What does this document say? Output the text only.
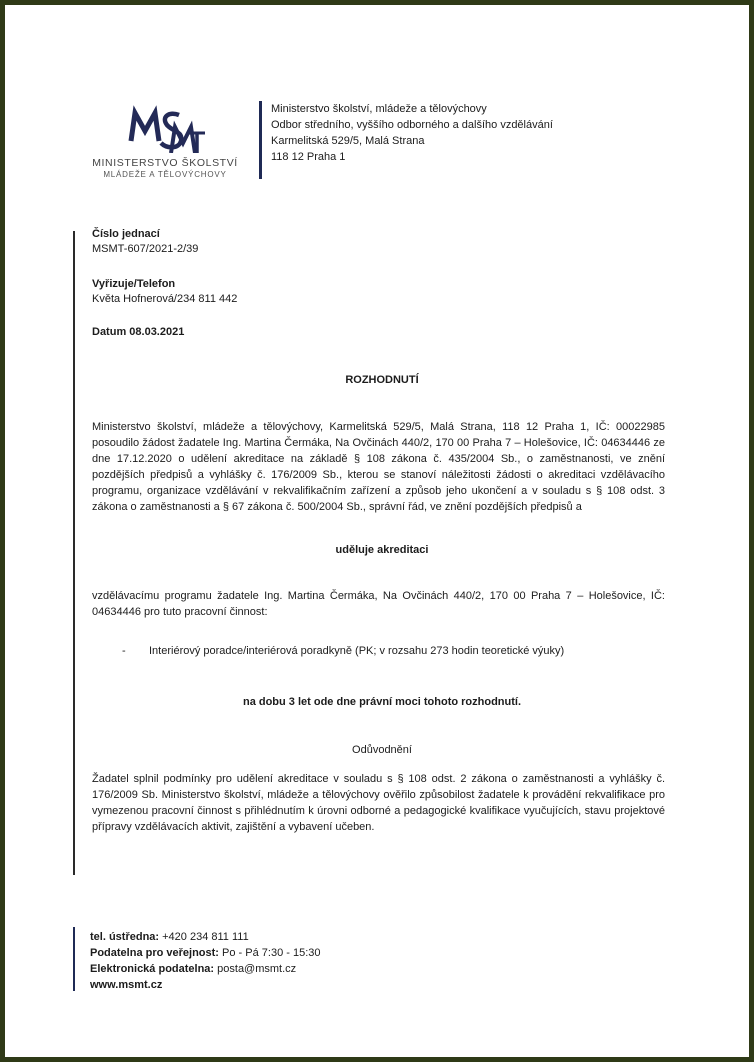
MINISTERSTVO ŠKOLSTVÍ
MLÁDEŽE A TĚLOVÝCHOVY
Ministerstvo školství, mládeže a tělovýchovy
Odbor středního, vyššího odborného a dalšího vzdělávání
Karmelitská 529/5, Malá Strana
118 12 Praha 1
Číslo jednací
MSMT-607/2021-2/39
Vyřizuje/Telefon
Květa Hofnerová/234 811 442
Datum 08.03.2021
ROZHODNUTÍ
Ministerstvo školství, mládeže a tělovýchovy, Karmelitská 529/5, Malá Strana, 118 12 Praha 1, IČ: 00022985 posoudilo žádost žadatele Ing. Martina Čermáka, Na Ovčinách 440/2, 170 00 Praha 7 – Holešovice, IČ: 04634446 ze dne 17.12.2020 o udělení akreditace na základě § 108 zákona č. 435/2004 Sb., o zaměstnanosti, ve znění pozdějších předpisů a vyhlášky č. 176/2009 Sb., kterou se stanoví náležitosti žádosti o akreditaci vzdělávacího programu, organizace vzdělávání v rekvalifikačním zařízení a způsob jeho ukončení a v souladu s § 108 odst. 3 zákona o zaměstnanosti a § 67 zákona č. 500/2004 Sb., správní řád, ve znění pozdějších předpisů a
uděluje akreditaci
vzdělávacímu programu žadatele Ing. Martina Čermáka, Na Ovčinách 440/2, 170 00 Praha 7 – Holešovice, IČ: 04634446 pro tuto pracovní činnost:
- Interiérový poradce/interiérová poradkyně (PK; v rozsahu 273 hodin teoretické výuky)
na dobu 3 let ode dne právní moci tohoto rozhodnutí.
Odůvodnění
Žadatel splnil podmínky pro udělení akreditace v souladu s § 108 odst. 2 zákona o zaměstnanosti a vyhlášky č. 176/2009 Sb. Ministerstvo školství, mládeže a tělovýchovy ověřilo způsobilost žadatele k provádění rekvalifikace pro vymezenou pracovní činnost s přihlédnutím k úrovni odborné a pedagogické kvalifikace vyučujících, stavu projektové přípravy vzdělávacích aktivit, zajištění a vybavení učeben.
tel. ústředna: +420 234 811 111
Podatelna pro veřejnost: Po - Pá 7:30 - 15:30
Elektronická podatelna: posta@msmt.cz
www.msmt.cz
